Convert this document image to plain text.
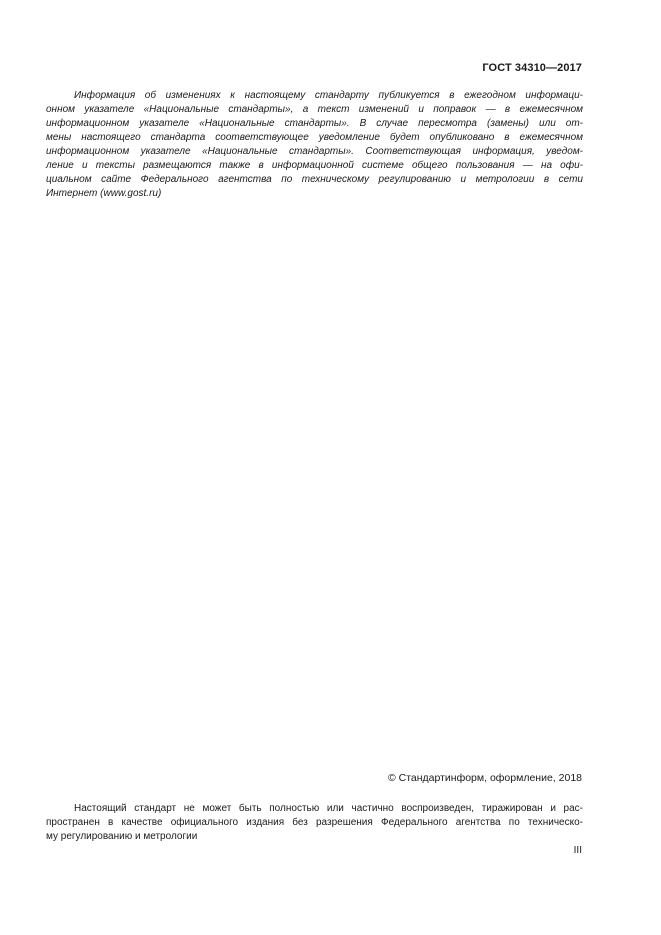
ГОСТ 34310—2017
Информация об изменениях к настоящему стандарту публикуется в ежегодном информаци-
онном указателе «Национальные стандарты», а текст изменений и поправок — в ежемесячном
информационном указателе «Национальные стандарты». В случае пересмотра (замены) или от-
мены настоящего стандарта соответствующее уведомление будет опубликовано в ежемесячном
информационном указателе «Национальные стандарты». Соответствующая информация, уведом-
ление и тексты размещаются также в информационной системе общего пользования — на офи-
циальном сайте Федерального агентства по техническому регулированию и метрологии в сети
Интернет (www.gost.ru)
© Стандартинформ, оформление, 2018
Настоящий стандарт не может быть полностью или частично воспроизведен, тиражирован и рас-
пространен в качестве официального издания без разрешения Федерального агентства по техническо-
му регулированию и метрологии
III
